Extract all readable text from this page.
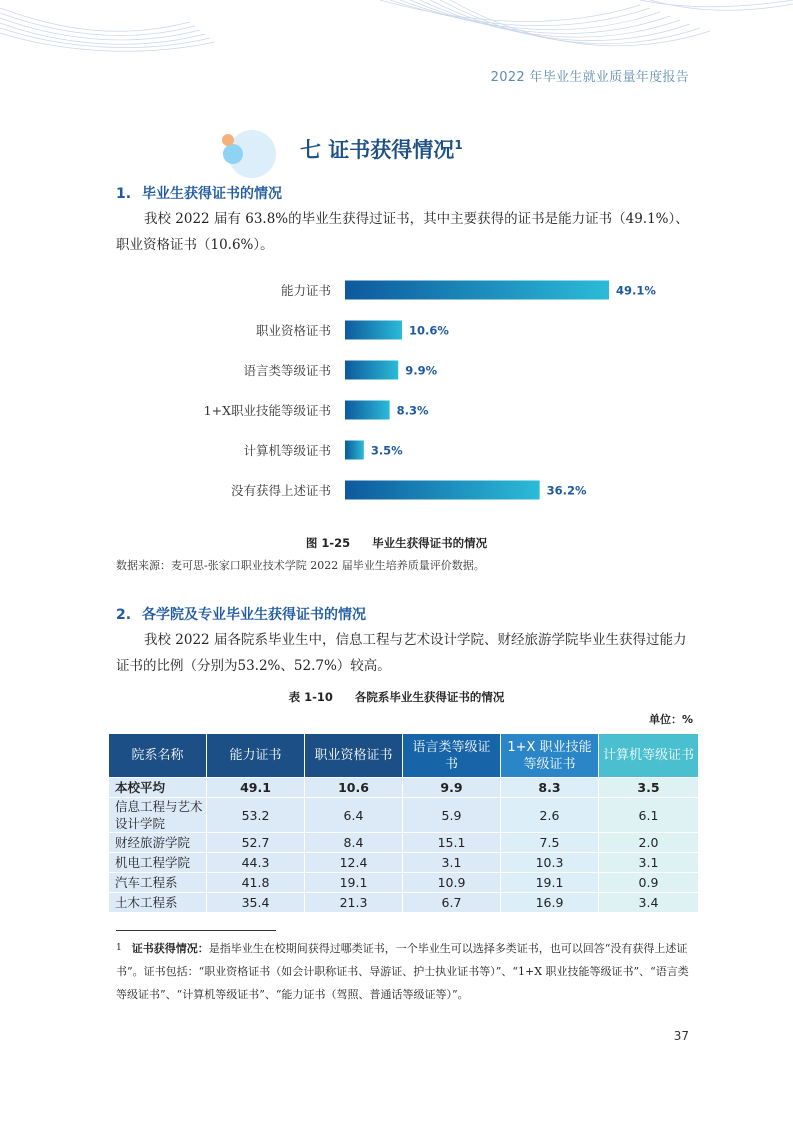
2022 年毕业生就业质量年度报告
七 证书获得情况$^1$
1. 毕业生获得证书的情况

我校 2022 届有 63.8%的毕业生获得过证书，其中主要获得的证书是能力证书（49.1%）、职业资格证书（10.6%）。

49.1%
10.6%
9.9%
8.3%
3.5%
36.2%
能力证书
职业资格证书
语言类等级证书
1+X职业技能等级证书
计算机等级证书
没有获得上述证书
图 1-25 毕业生获得证书的情况
数据来源：麦可思-张家口职业技术学院 2022 届毕业生培养质量评价数据。
2. 各学院及专业毕业生获得证书的情况

我校 2022 届各院系毕业生中，信息工程与艺术设计学院、财经旅游学院毕业生获得过能力证书的比例（分别为53.2%、52.7%）较高。

表 1-10 各院系毕业生获得证书的情况
单位：%
院系名称	能力证书	职业资格证书	语言类等级证书	1+X 职业技能等级证书	计算机等级证书
本校平均	49.1	10.6	9.9	8.3	3.5
信息工程与艺术设计学院	53.2	6.4	5.9	2.6	6.1
财经旅游学院	52.7	8.4	15.1	7.5	2.0
机电工程学院	44.3	12.4	3.1	10.3	3.1
汽车工程系	41.8	19.1	10.9	19.1	0.9
土木工程系	35.4	21.3	6.7	16.9	3.4

1 证书获得情况：是指毕业生在校期间获得过哪类证书，一个毕业生可以选择多类证书，也可以回答“没有获得上述证书”。证书包括：“职业资格证书（如会计职称证书、导游证、护士执业证书等）”、“1+X 职业技能等级证书”、“语言类等级证书”、“计算机等级证书”、“能力证书（驾照、普通话等级证等）”。

37
